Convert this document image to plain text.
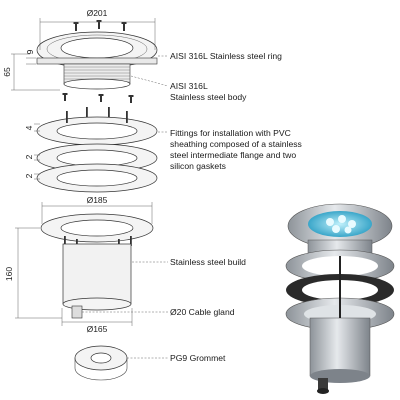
Ø201
9
65
4
2
2
Ø185
160
Ø165
AISI 316L Stainless steel ring
AISI 316L
Stainless steel body
Fittings for installation with PVC
sheathing composed of a stainless
steel intermediate flange and two
silicon gaskets
Stainless steel build
Ø20 Cable gland
PG9 Grommet
